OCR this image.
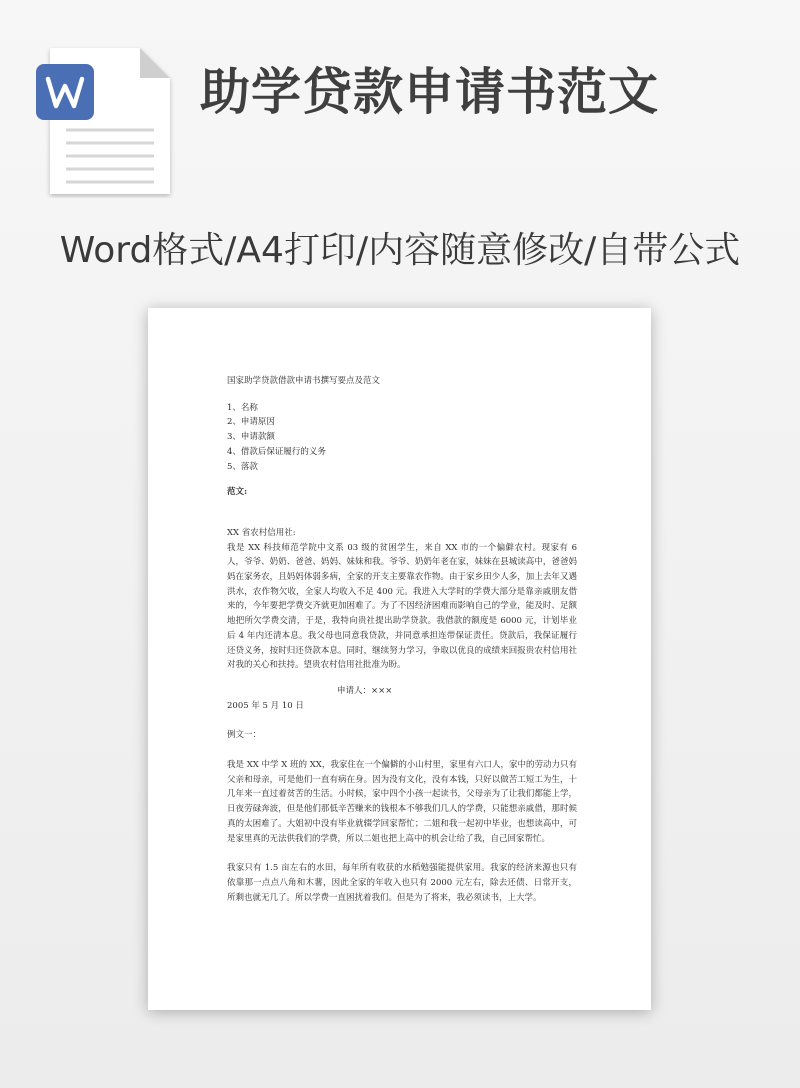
助学贷款申请书范文
Word格式/A4打印/内容随意修改/自带公式

国家助学贷款借款申请书撰写要点及范文

1、名称

2、申请原因

3、申请款额

4、借款后保证履行的义务

5、落款

范文:

XX 省农村信用社:

我是 XX 科技师范学院中文系 03 级的贫困学生，来自 XX 市的一个偏僻农村。现家有 6 人，爷爷、奶奶、爸爸、妈妈、妹妹和我。爷爷、奶奶年老在家，妹妹在县城读高中，爸爸妈妈在家务农，且妈妈体弱多病，全家的开支主要靠农作物。由于家乡田少人多，加上去年又遇洪水，农作物欠收，全家人均收入不足 400 元。我进入大学时的学费大部分是靠亲戚朋友借来的，今年要把学费交齐就更加困难了。为了不因经济困难而影响自己的学业，能及时、足额地把所欠学费交清，于是，我特向贵社提出助学贷款。我借款的额度是 6000 元，计划毕业后 4 年内还清本息。我父母也同意我贷款，并同意承担连带保证责任。贷款后，我保证履行还贷义务，按时归还贷款本息。同时，继续努力学习，争取以优良的成绩来回报贵农村信用社对我的关心和扶持。望贵农村信用社批准为盼。

申请人：×××

2005 年 5 月 10 日

例文一：

我是 XX 中学 X 班的 XX，我家住在一个偏僻的小山村里，家里有六口人，家中的劳动力只有父亲和母亲，可是他们一直有病在身。因为没有文化，没有本钱，只好以做苦工短工为生，十几年来一直过着贫苦的生活。小时候，家中四个小孩一起读书，父母亲为了让我们都能上学，日夜劳碌奔波，但是他们那低辛苦赚来的钱根本不够我们几人的学费，只能想亲戚借，那时候真的太困难了。大姐初中没有毕业就辍学回家帮忙；二姐和我一起初中毕业，也想读高中，可是家里真的无法供我们的学费，所以二姐也把上高中的机会让给了我，自己回家帮忙。

我家只有 1.5 亩左右的水田，每年所有收获的水稻勉强能提供家用。我家的经济来源也只有依靠那一点点八角和木薯，因此全家的年收入也只有 2000 元左右，除去还债、日常开支，所剩也就无几了。所以学费一直困扰着我们。但是为了将来，我必须读书，上大学。
